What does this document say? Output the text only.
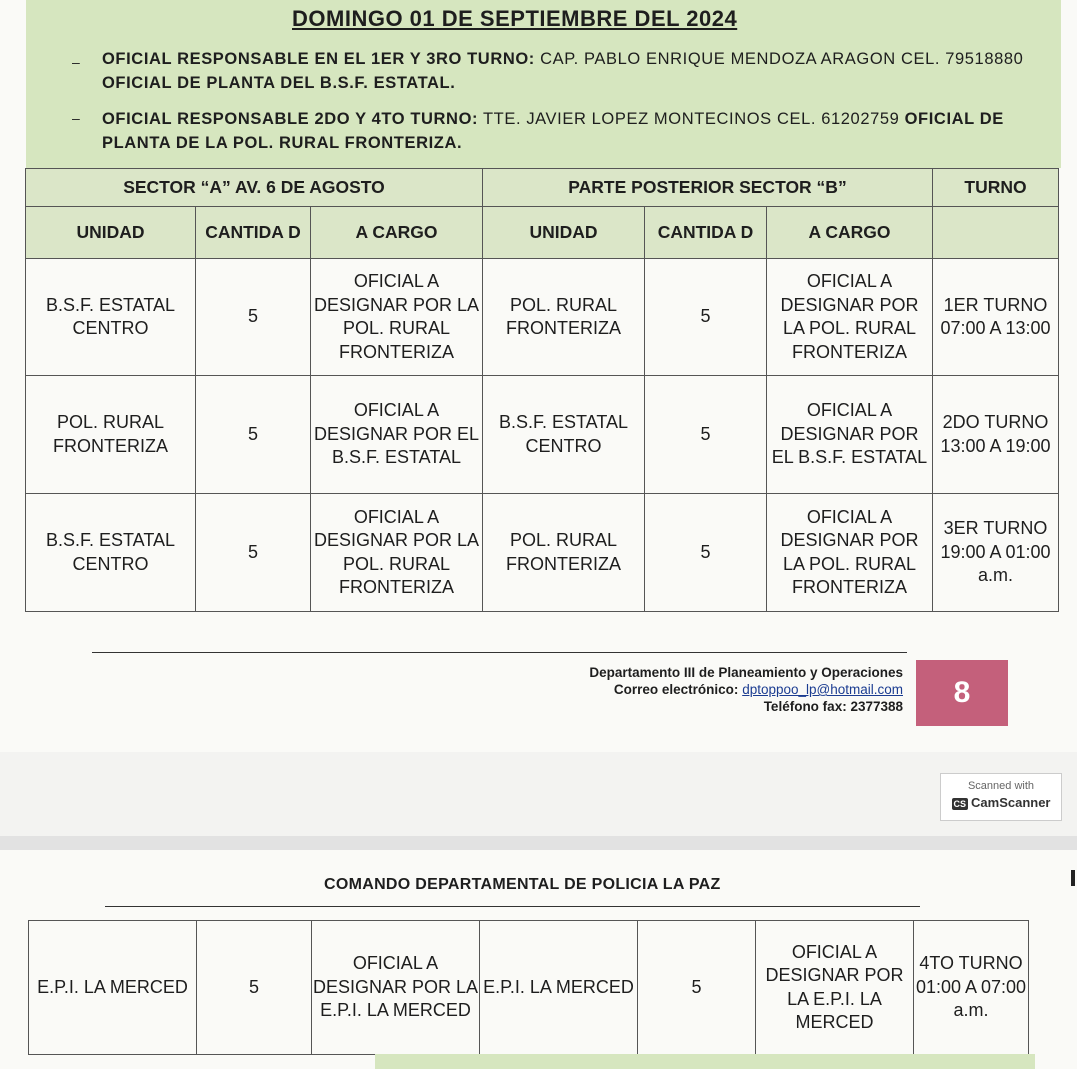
DOMINGO 01 DE SEPTIEMBRE DEL 2024
– OFICIAL RESPONSABLE EN EL 1ER Y 3RO TURNO: CAP. PABLO ENRIQUE MENDOZA ARAGON CEL. 79518880 OFICIAL DE PLANTA DEL B.S.F. ESTATAL.
– OFICIAL RESPONSABLE 2DO Y 4TO TURNO: TTE. JAVIER LOPEZ MONTECINOS CEL. 61202759 OFICIAL DE PLANTA DE LA POL. RURAL FRONTERIZA.
SECTOR “A” AV. 6 DE AGOSTO			PARTE POSTERIOR SECTOR “B”			TURNO
UNIDAD	CANTIDA D	A CARGO	UNIDAD	CANTIDA D	A CARGO	
B.S.F. ESTATAL CENTRO	5	OFICIAL A DESIGNAR POR LA POL. RURAL FRONTERIZA	POL. RURAL FRONTERIZA	5	OFICIAL A DESIGNAR POR LA POL. RURAL FRONTERIZA	1ER TURNO 07:00 A 13:00
POL. RURAL FRONTERIZA	5	OFICIAL A DESIGNAR POR EL B.S.F. ESTATAL	B.S.F. ESTATAL CENTRO	5	OFICIAL A DESIGNAR POR EL B.S.F. ESTATAL	2DO TURNO 13:00 A 19:00
B.S.F. ESTATAL CENTRO	5	OFICIAL A DESIGNAR POR LA POL. RURAL FRONTERIZA	POL. RURAL FRONTERIZA	5	OFICIAL A DESIGNAR POR LA POL. RURAL FRONTERIZA	3ER TURNO 19:00 A 01:00 a.m.
Departamento III de Planeamiento y Operaciones
Correo electrónico: dptoppoo_lp@hotmail.com
Teléfono fax: 2377388	8
Scanned with
CS CamScanner
COMANDO DEPARTAMENTAL DE POLICIA LA PAZ
E.P.I. LA MERCED	5	OFICIAL A DESIGNAR POR LA E.P.I. LA MERCED	E.P.I. LA MERCED	5	OFICIAL A DESIGNAR POR LA E.P.I. LA MERCED	4TO TURNO 01:00 A 07:00 a.m.
